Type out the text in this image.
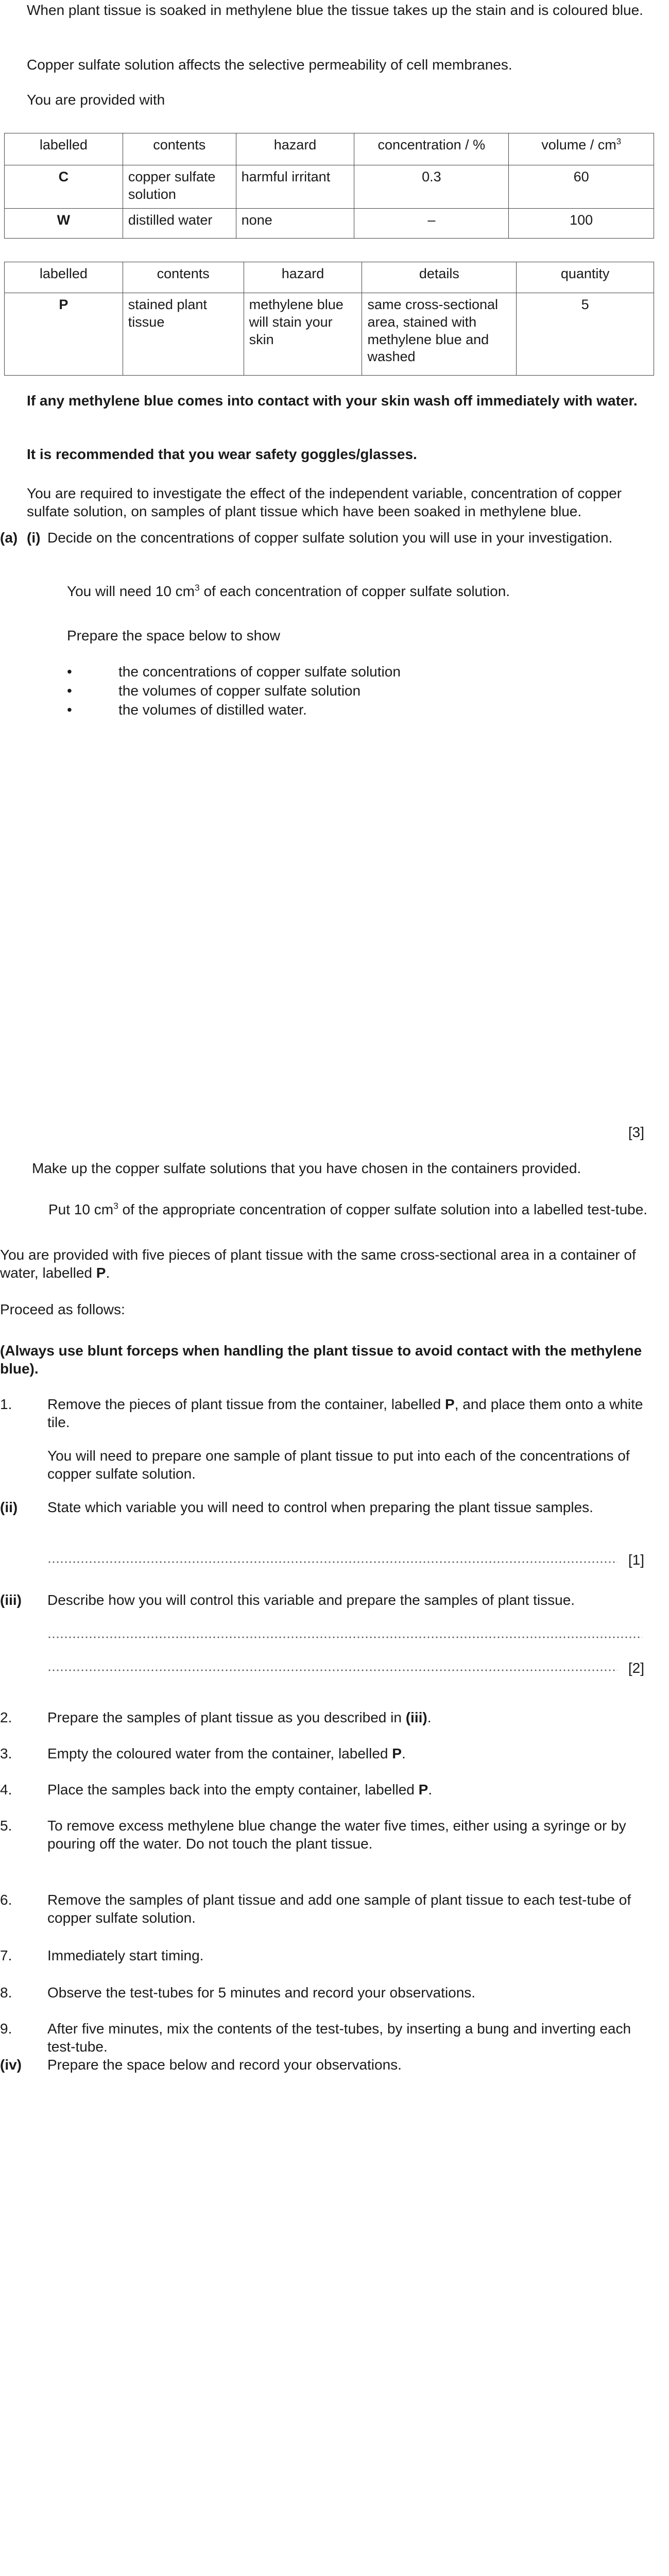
When plant tissue is soaked in methylene blue the tissue takes up the stain and is coloured blue.

Copper sulfate solution affects the selective permeability of cell membranes.

You are provided with

labelled	contents	hazard	concentration / %	volume / $cm^3$
C	copper sulfate solution	harmful irritant	0.3	60
W	distilled water	none	–	100
labelled	contents	hazard	details	quantity
P	stained plant tissue	methylene blue will stain your skin	same cross-sectional area, stained with methylene blue and washed	5

If any methylene blue comes into contact with your skin wash off immediately with water.

It is recommended that you wear safety goggles/glasses.

You are required to investigate the effect of the independent variable, concentration of copper sulfate solution, on samples of plant tissue which have been soaked in methylene blue.

(a) (i) Decide on the concentrations of copper sulfate solution you will use in your investigation.

You will need 10 $cm^3$ of each concentration of copper sulfate solution.

Prepare the space below to show

• the concentrations of copper sulfate solution
• the volumes of copper sulfate solution
• the volumes of distilled water.
[3]

Make up the copper sulfate solutions that you have chosen in the containers provided.

Put 10 $cm^3$ of the appropriate concentration of copper sulfate solution into a labelled test-tube.

You are provided with five pieces of plant tissue with the same cross-sectional area in a container of water, labelled P.

Proceed as follows:

(Always use blunt forceps when handling the plant tissue to avoid contact with the methylene blue).

1. Remove the pieces of plant tissue from the container, labelled P, and place them onto a white tile.

You will need to prepare one sample of plant tissue to put into each of the concentrations of copper sulfate solution.

(ii) State which variable you will need to control when preparing the plant tissue samples.

[1]
(iii) Describe how you will control this variable and prepare the samples of plant tissue.

[2]
2. Prepare the samples of plant tissue as you described in (iii).

3. Empty the coloured water from the container, labelled P.

4. Place the samples back into the empty container, labelled P.

5. To remove excess methylene blue change the water five times, either using a syringe or by pouring off the water. Do not touch the plant tissue.

6. Remove the samples of plant tissue and add one sample of plant tissue to each test-tube of copper sulfate solution.

7. Immediately start timing.

8. Observe the test-tubes for 5 minutes and record your observations.

9. After five minutes, mix the contents of the test-tubes, by inserting a bung and inverting each test-tube.

(iv) Prepare the space below and record your observations.
